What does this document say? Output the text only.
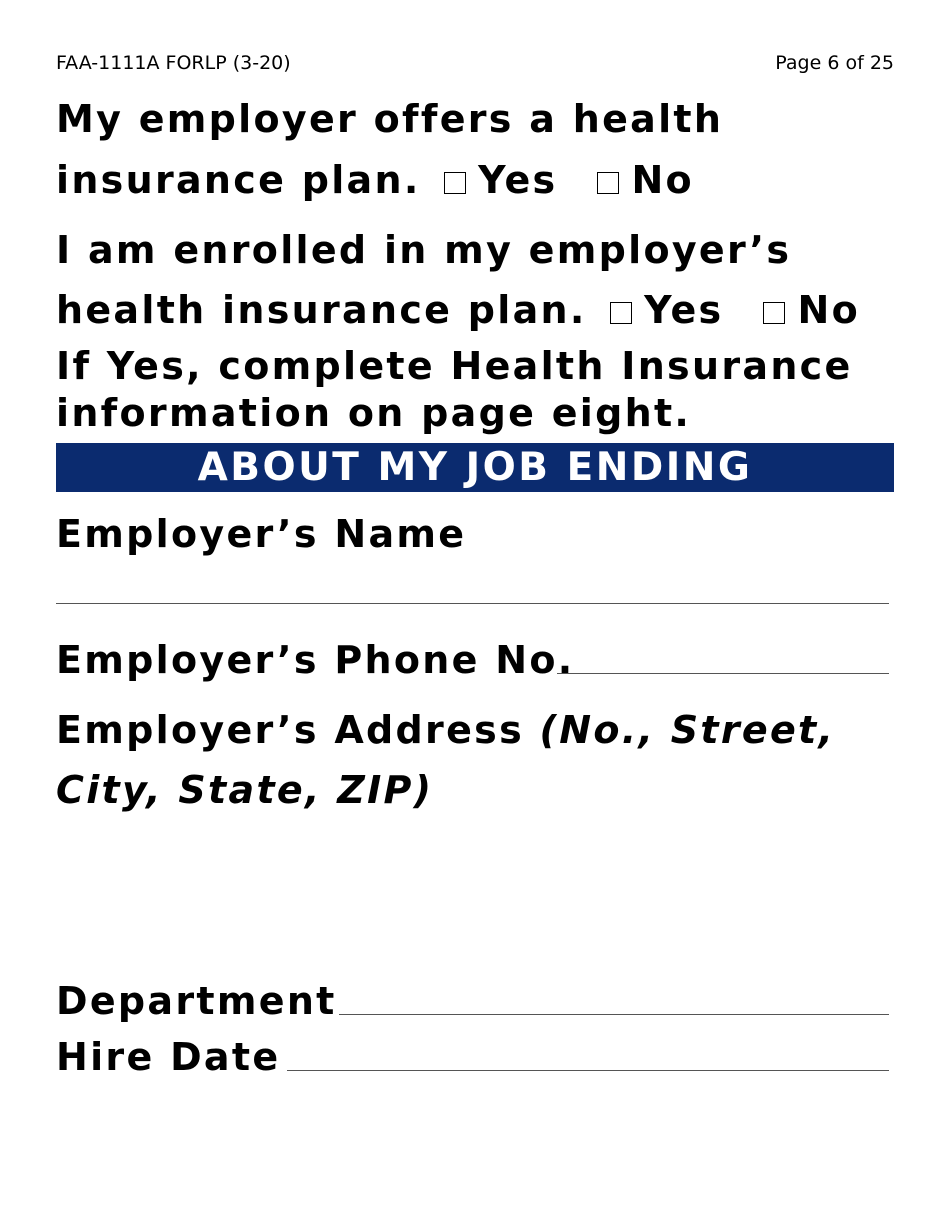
FAA-1111A FORLP (3-20)	Page 6 of 25
My employer offers a health
insurance plan. Yes No
I am enrolled in my employer’s
health insurance plan. Yes No
If Yes, complete Health Insurance
information on page eight.
ABOUT MY JOB ENDING
Employer’s Name
Employer’s Phone No.
Employer’s Address (No., Street,
City, State, ZIP)
Department
Hire Date
